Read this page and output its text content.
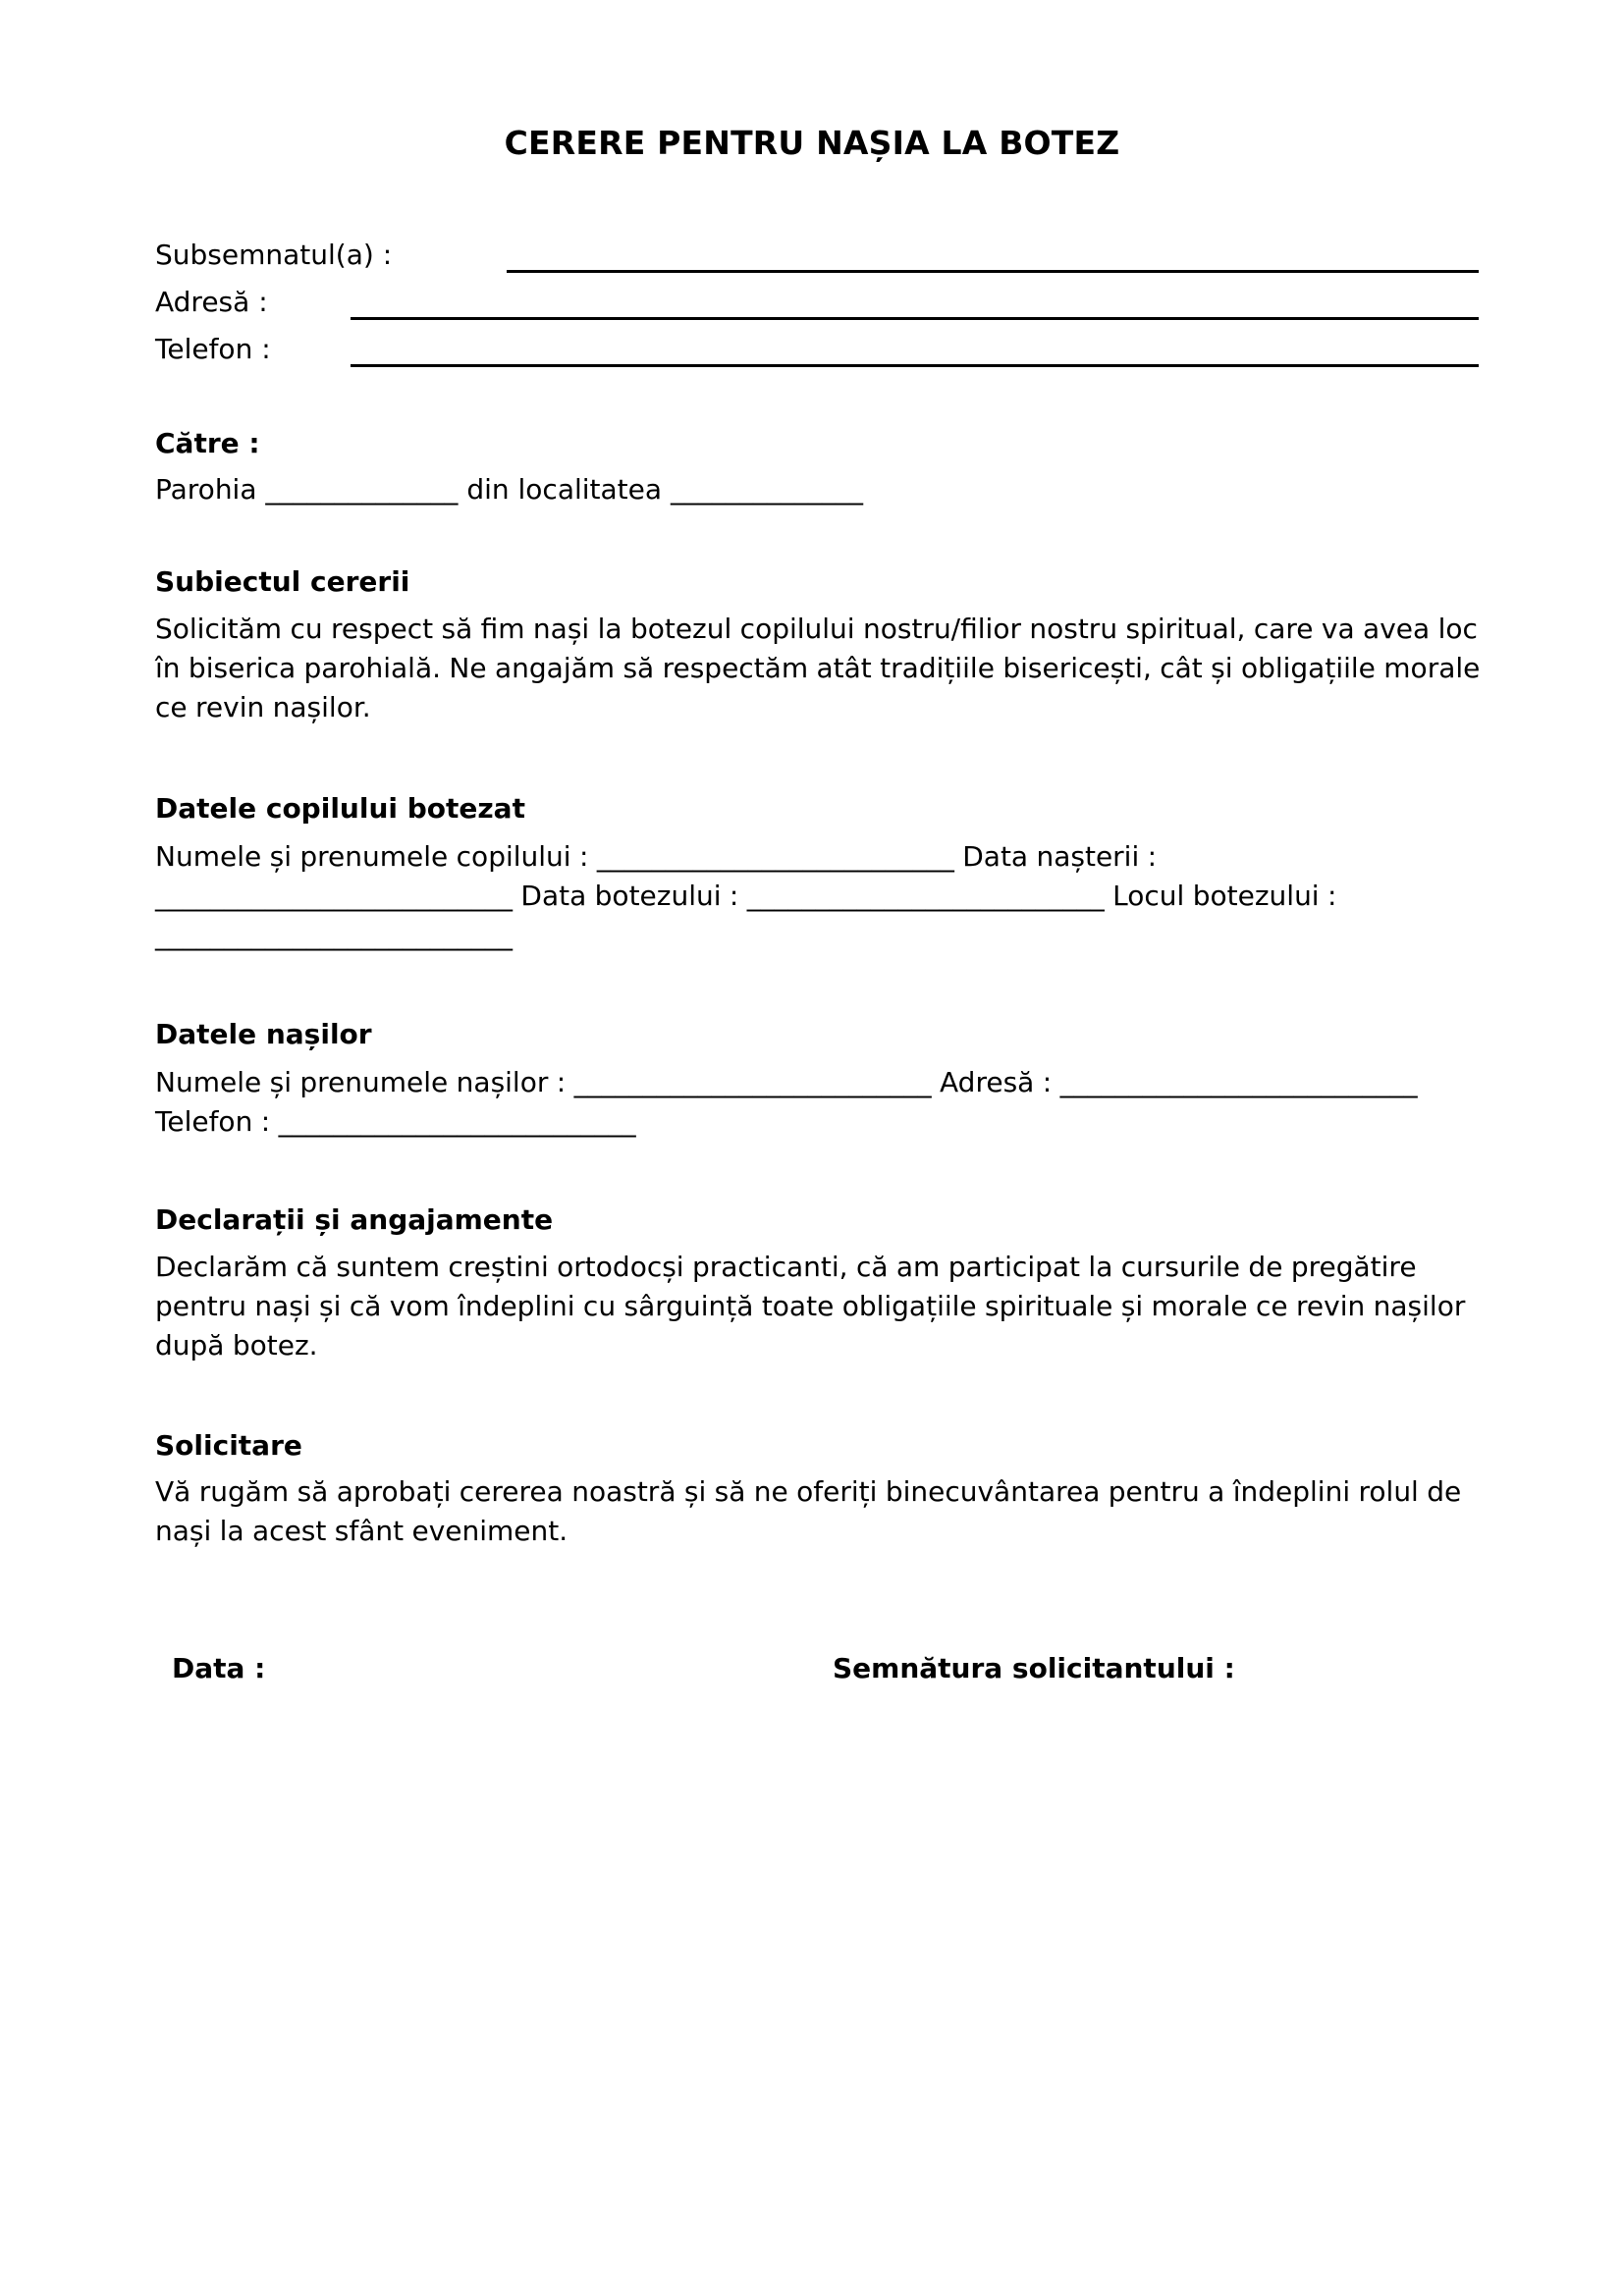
CERERE PENTRU NAȘIA LA BOTEZ
Subsemnatul(a) :
Adresă :
Telefon :
Către :
Parohia ______________ din localitatea ______________
Subiectul cererii
Solicităm cu respect să fim nași la botezul copilului nostru/filior nostru spiritual, care va avea loc în biserica parohială. Ne angajăm să respectăm atât tradițiile bisericești, cât și obligațiile morale ce revin nașilor.
Datele copilului botezat
Numele și prenumele copilului : __________________________ Data nașterii : __________________________ Data botezului : __________________________ Locul botezului : __________________________
Datele nașilor
Numele și prenumele nașilor : __________________________ Adresă : __________________________ Telefon : __________________________
Declarații și angajamente
Declarăm că suntem creștini ortodocși practicanti, că am participat la cursurile de pregătire pentru nași și că vom îndeplini cu sârguință toate obligațiile spirituale și morale ce revin nașilor după botez.
Solicitare
Vă rugăm să aprobați cererea noastră și să ne oferiți binecuvântarea pentru a îndeplini rolul de nași la acest sfânt eveniment.
Data :	Semnătura solicitantului :
